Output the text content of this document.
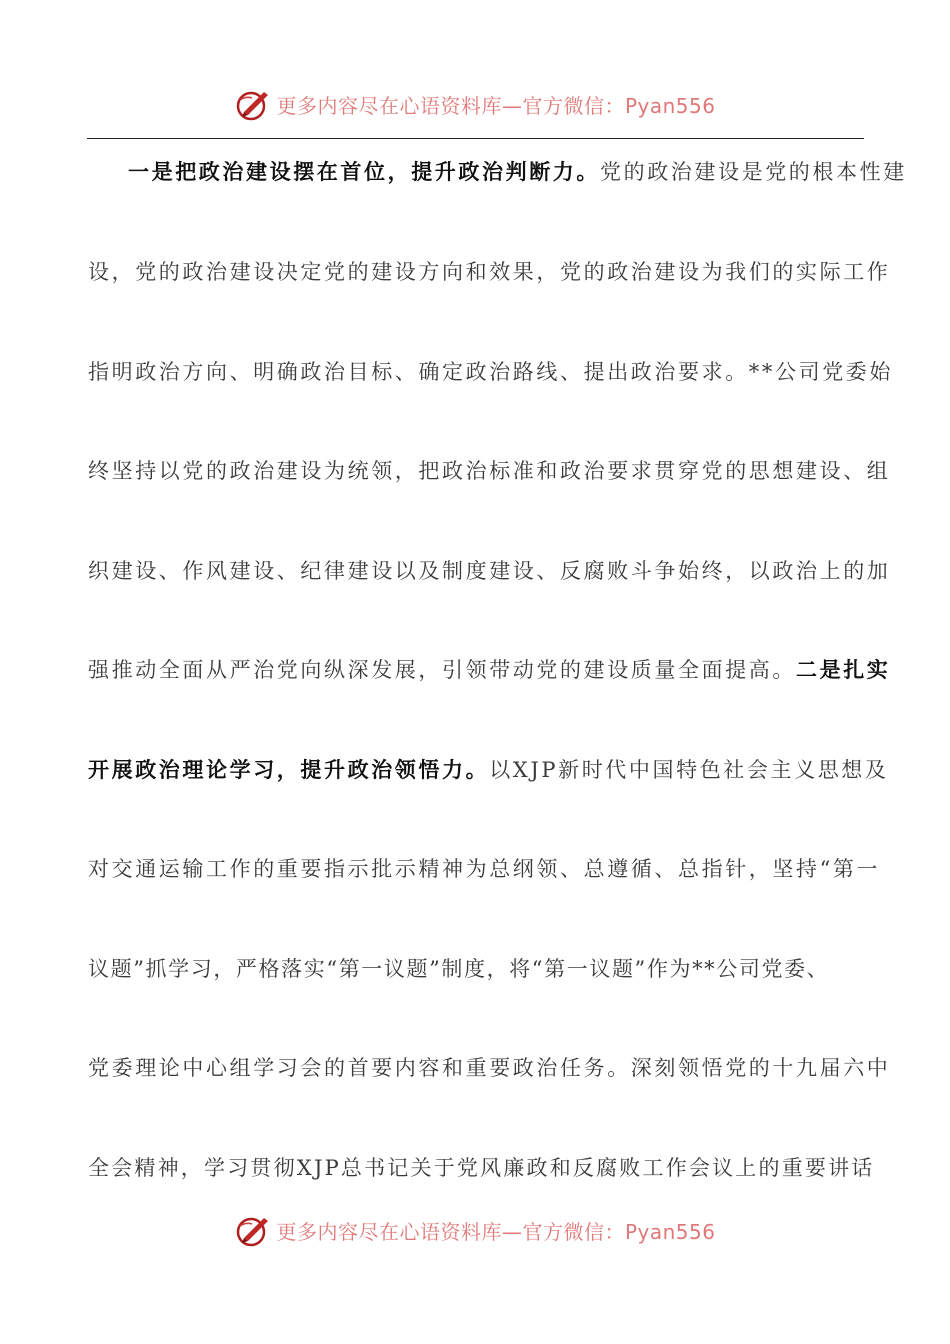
更多内容尽在心语资料库—官方微信：Pyan556
一是把政治建设摆在首位，提升政治判断力。党的政治建设是党的根本性建
设，党的政治建设决定党的建设方向和效果，党的政治建设为我们的实际工作
指明政治方向、明确政治目标、确定政治路线、提出政治要求。**公司党委始
终坚持以党的政治建设为统领，把政治标准和政治要求贯穿党的思想建设、组
织建设、作风建设、纪律建设以及制度建设、反腐败斗争始终，以政治上的加
强推动全面从严治党向纵深发展，引领带动党的建设质量全面提高。二是扎实
开展政治理论学习，提升政治领悟力。以XJP新时代中国特色社会主义思想及
对交通运输工作的重要指示批示精神为总纲领、总遵循、总指针，坚持“第一
议题”抓学习，严格落实“第一议题”制度，将“第一议题”作为**公司党委、
党委理论中心组学习会的首要内容和重要政治任务。深刻领悟党的十九届六中
全会精神，学习贯彻XJP总书记关于党风廉政和反腐败工作会议上的重要讲话
更多内容尽在心语资料库—官方微信：Pyan556
